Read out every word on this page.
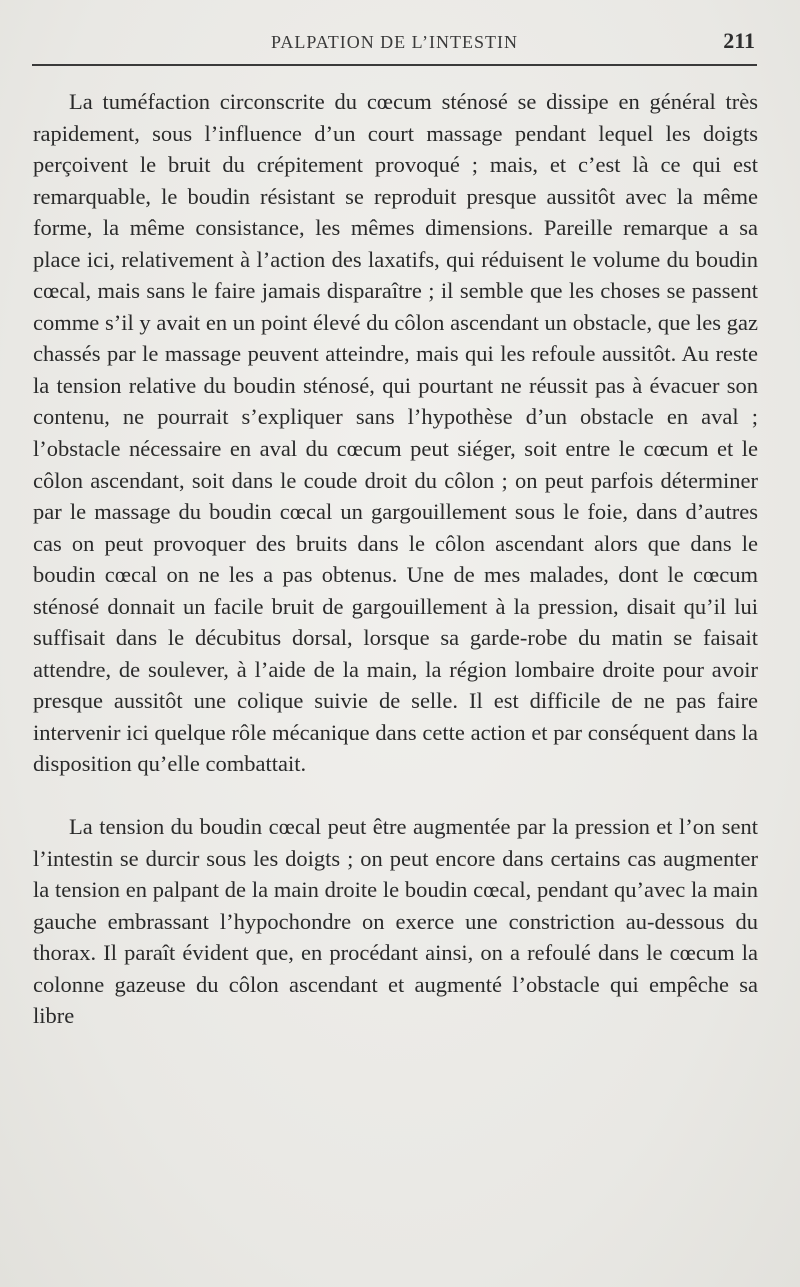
PALPATION DE L’INTESTIN	211

La tuméfaction circonscrite du cœcum sténosé se dissipe en général très rapidement, sous l’influence d’un court massage pendant lequel les doigts perçoivent le bruit du crépitement provoqué ; mais, et c’est là ce qui est remarquable, le boudin résistant se reproduit presque aussitôt avec la même forme, la même consistance, les mêmes dimensions. Pareille remarque a sa place ici, relativement à l’action des laxatifs, qui réduisent le volume du boudin cœcal, mais sans le faire jamais disparaître ; il semble que les choses se passent comme s’il y avait en un point élevé du côlon ascendant un obstacle, que les gaz chassés par le massage peuvent atteindre, mais qui les refoule aussitôt. Au reste la tension relative du boudin sténosé, qui pourtant ne réussit pas à évacuer son contenu, ne pourrait s’expliquer sans l’hypothèse d’un obstacle en aval ; l’obstacle nécessaire en aval du cœcum peut siéger, soit entre le cœcum et le côlon ascendant, soit dans le coude droit du côlon ; on peut parfois déterminer par le massage du boudin cœcal un gargouillement sous le foie, dans d’autres cas on peut provoquer des bruits dans le côlon ascendant alors que dans le boudin cœcal on ne les a pas obtenus. Une de mes malades, dont le cœcum sténosé donnait un facile bruit de gargouillement à la pression, disait qu’il lui suffisait dans le décubitus dorsal, lorsque sa garde-robe du matin se faisait attendre, de soulever, à l’aide de la main, la région lombaire droite pour avoir presque aussitôt une colique suivie de selle. Il est difficile de ne pas faire intervenir ici quelque rôle mécanique dans cette action et par conséquent dans la disposition qu’elle combattait.

La tension du boudin cœcal peut être augmentée par la pression et l’on sent l’intestin se durcir sous les doigts ; on peut encore dans certains cas augmenter la tension en palpant de la main droite le boudin cœcal, pendant qu’avec la main gauche embrassant l’hypochondre on exerce une constriction au-dessous du thorax. Il paraît évident que, en procédant ainsi, on a refoulé dans le cœcum la colonne gazeuse du côlon ascendant et augmenté l’obstacle qui empêche sa libre
